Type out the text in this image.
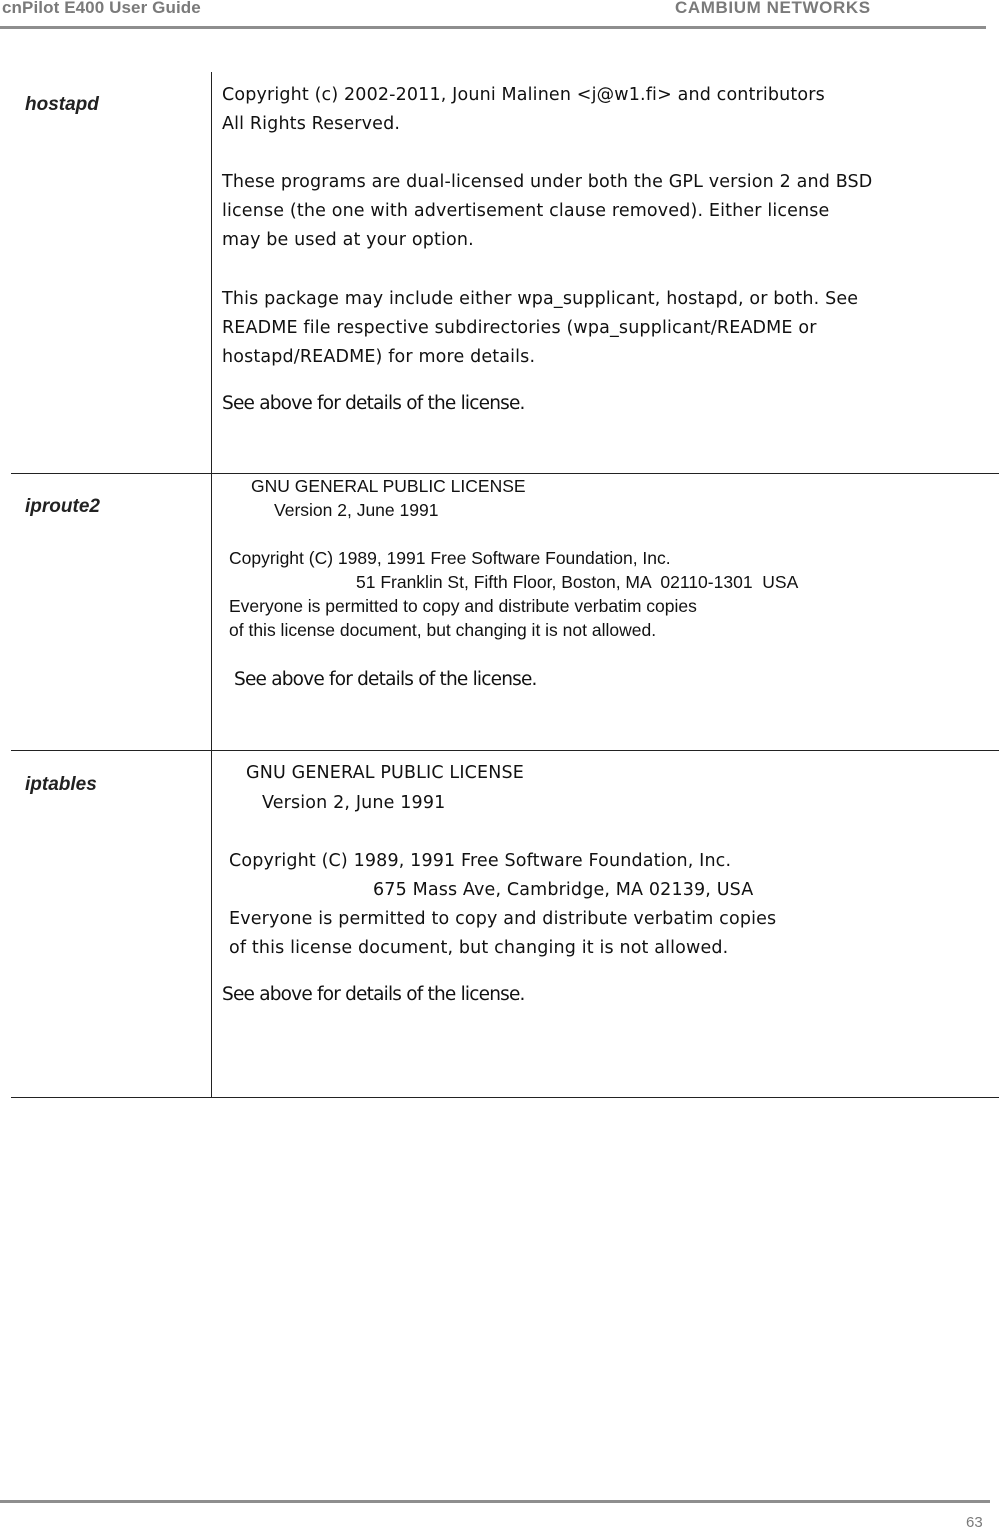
cnPilot E400 User Guide	CAMBIUM NETWORKS
hostapd	Copyright (c) 2002-2011, Jouni Malinen <j@w1.fi> and contributors
All Rights Reserved.
These programs are dual-licensed under both the GPL version 2 and BSD
license (the one with advertisement clause removed). Either license
may be used at your option.
This package may include either wpa_supplicant, hostapd, or both. See
README file respective subdirectories (wpa_supplicant/README or
hostapd/README) for more details.
See above for details of the license.
iproute2
GNU GENERAL PUBLIC LICENSE
Version 2, June 1991
Copyright (C) 1989, 1991 Free Software Foundation, Inc.
51 Franklin St, Fifth Floor, Boston, MA  02110-1301  USA
Everyone is permitted to copy and distribute verbatim copies
of this license document, but changing it is not allowed.
See above for details of the license.
iptables
GNU GENERAL PUBLIC LICENSE
Version 2, June 1991
Copyright (C) 1989, 1991 Free Software Foundation, Inc.
675 Mass Ave, Cambridge, MA 02139, USA
Everyone is permitted to copy and distribute verbatim copies
of this license document, but changing it is not allowed.
See above for details of the license.
63
